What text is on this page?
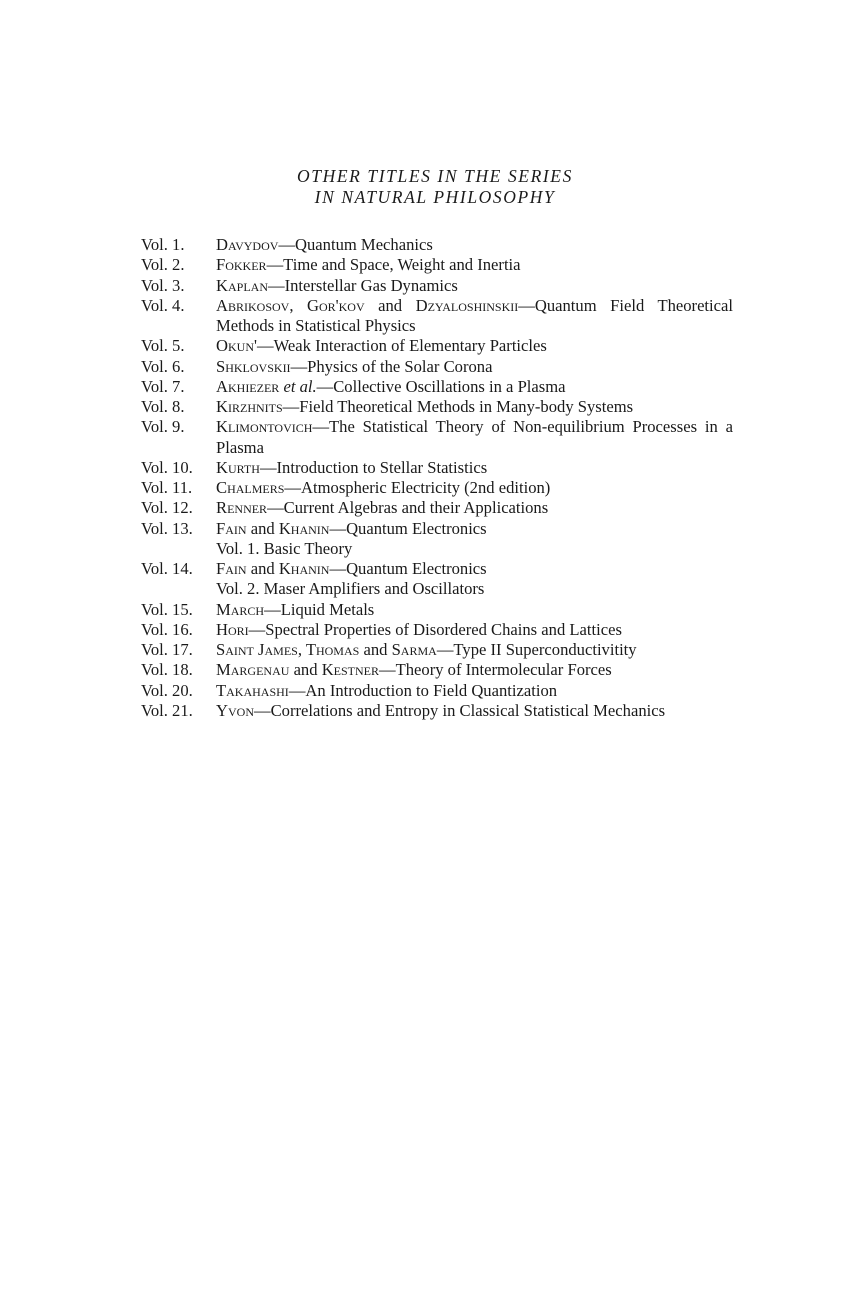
OTHER TITLES IN THE SERIES
IN NATURAL PHILOSOPHY
Vol. 1.	Davydov—Quantum Mechanics
Vol. 2.	Fokker—Time and Space, Weight and Inertia
Vol. 3.	Kaplan—Interstellar Gas Dynamics
Vol. 4.	Abrikosov, Gor'kov and Dzyaloshinskii—Quantum Field Theoretical Methods in Statistical Physics
Vol. 5.	Okun'—Weak Interaction of Elementary Particles
Vol. 6.	Shklovskii—Physics of the Solar Corona
Vol. 7.	Akhiezer et al.—Collective Oscillations in a Plasma
Vol. 8.	Kirzhnits—Field Theoretical Methods in Many-body Systems
Vol. 9.	Klimontovich—The Statistical Theory of Non-equilibrium Processes in a Plasma
Vol. 10.	Kurth—Introduction to Stellar Statistics
Vol. 11.	Chalmers—Atmospheric Electricity (2nd edition)
Vol. 12.	Renner—Current Algebras and their Applications
Vol. 13.	Fain and Khanin—Quantum Electronics
Vol. 1. Basic Theory
Vol. 14.	Fain and Khanin—Quantum Electronics
Vol. 2. Maser Amplifiers and Oscillators
Vol. 15.	March—Liquid Metals
Vol. 16.	Hori—Spectral Properties of Disordered Chains and Lattices
Vol. 17.	Saint James, Thomas and Sarma—Type II Superconductivitity
Vol. 18.	Margenau and Kestner—Theory of Intermolecular Forces
Vol. 20.	Takahashi—An Introduction to Field Quantization
Vol. 21.	Yvon—Correlations and Entropy in Classical Statistical Mechanics
